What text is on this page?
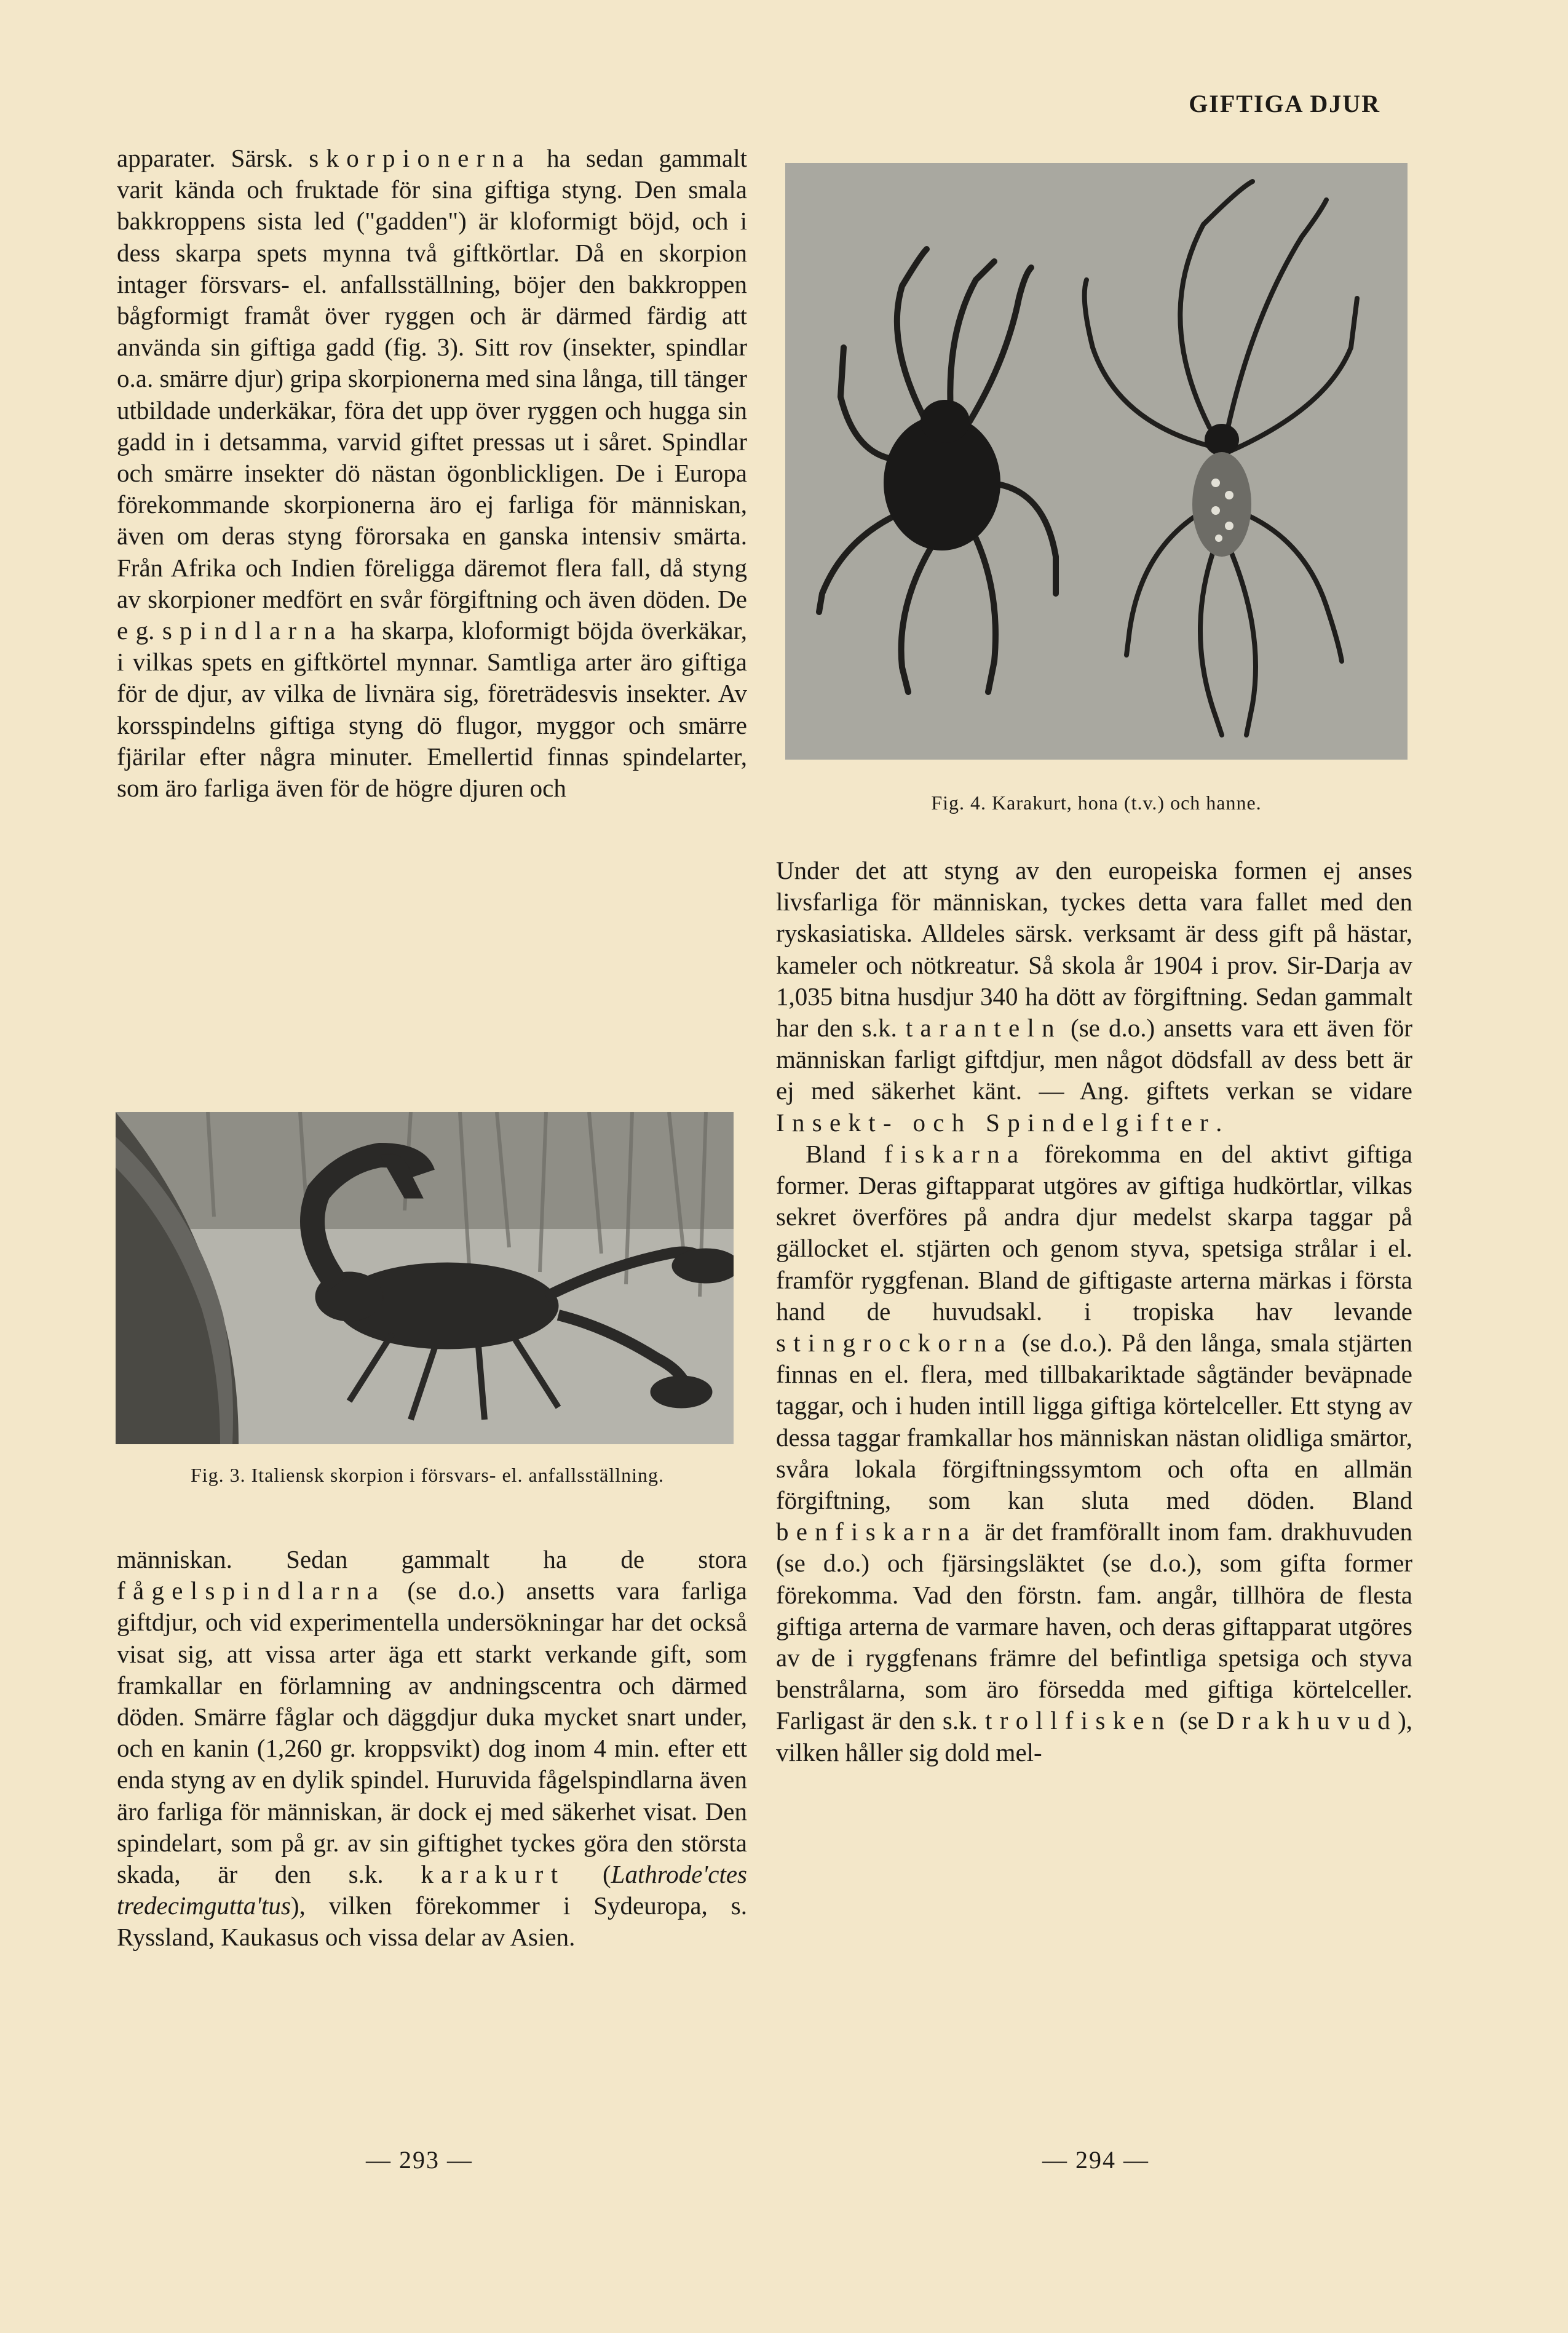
GIFTIGA DJUR

apparater. Särsk. skorpionerna ha sedan gammalt varit kända och fruktade för sina giftiga styng. Den smala bakkroppens sista led ("gadden") är kloformigt böjd, och i dess skarpa spets mynna två giftkörtlar. Då en skorpion intager försvars- el. anfallsställning, böjer den bakkroppen bågformigt framåt över ryggen och är därmed färdig att använda sin giftiga gadd (fig. 3). Sitt rov (insekter, spindlar o.a. smärre djur) gripa skorpionerna med sina långa, till tänger utbildade underkäkar, föra det upp över ryggen och hugga sin gadd in i detsamma, varvid giftet pressas ut i såret. Spindlar och smärre insekter dö nästan ögonblickligen. De i Europa förekommande skorpionerna äro ej farliga för människan, även om deras styng förorsaka en ganska intensiv smärta. Från Afrika och Indien föreligga däremot flera fall, då styng av skorpioner medfört en svår förgiftning och även döden. De e g. spindlarna ha skarpa, kloformigt böjda överkäkar, i vilkas spets en giftkörtel mynnar. Samtliga arter äro giftiga för de djur, av vilka de livnära sig, företrädesvis insekter. Av korsspindelns giftiga styng dö flugor, myggor och smärre fjärilar efter några minuter. Emellertid finnas spindelarter, som äro farliga även för de högre djuren och

Fig. 3. Italiensk skorpion i försvars- el. anfallsställning.

människan. Sedan gammalt ha de stora fågelspindlarna (se d.o.) ansetts vara farliga giftdjur, och vid experimentella undersökningar har det också visat sig, att vissa arter äga ett starkt verkande gift, som framkallar en förlamning av andningscentra och därmed döden. Smärre fåglar och däggdjur duka mycket snart under, och en kanin (1,260 gr. kroppsvikt) dog inom 4 min. efter ett enda styng av en dylik spindel. Huruvida fågelspindlarna även äro farliga för människan, är dock ej med säkerhet visat. Den spindelart, som på gr. av sin giftighet tyckes göra den största skada, är den s.k. karakurt (Lathrode'ctes tredecimgutta'tus), vilken förekommer i Sydeuropa, s. Ryssland, Kaukasus och vissa delar av Asien.

Fig. 4. Karakurt, hona (t.v.) och hanne.

Under det att styng av den europeiska formen ej anses livsfarliga för människan, tyckes detta vara fallet med den ryskasiatiska. Alldeles särsk. verksamt är dess gift på hästar, kameler och nötkreatur. Så skola år 1904 i prov. Sir-Darja av 1,035 bitna husdjur 340 ha dött av förgiftning. Sedan gammalt har den s.k. taranteln (se d.o.) ansetts vara ett även för människan farligt giftdjur, men något dödsfall av dess bett är ej med säkerhet känt. — Ang. giftets verkan se vidare Insekt- och Spindelgifter.

Bland fiskarna förekomma en del aktivt giftiga former. Deras giftapparat utgöres av giftiga hudkörtlar, vilkas sekret överföres på andra djur medelst skarpa taggar på gällocket el. stjärten och genom styva, spetsiga strålar i el. framför ryggfenan. Bland de giftigaste arterna märkas i första hand de huvudsakl. i tropiska hav levande stingrockorna (se d.o.). På den långa, smala stjärten finnas en el. flera, med tillbakariktade sågtänder beväpnade taggar, och i huden intill ligga giftiga körtelceller. Ett styng av dessa taggar framkallar hos människan nästan olidliga smärtor, svåra lokala förgiftningssymtom och ofta en allmän förgiftning, som kan sluta med döden. Bland benfiskarna är det framförallt inom fam. drakhuvuden (se d.o.) och fjärsingsläktet (se d.o.), som gifta former förekomma. Vad den förstn. fam. angår, tillhöra de flesta giftiga arterna de varmare haven, och deras giftapparat utgöres av de i ryggfenans främre del befintliga spetsiga och styva benstrålarna, som äro försedda med giftiga körtelceller. Farligast är den s.k. trollfisken (se Drakhuvud), vilken håller sig dold mel-

— 293 —	— 294 —
